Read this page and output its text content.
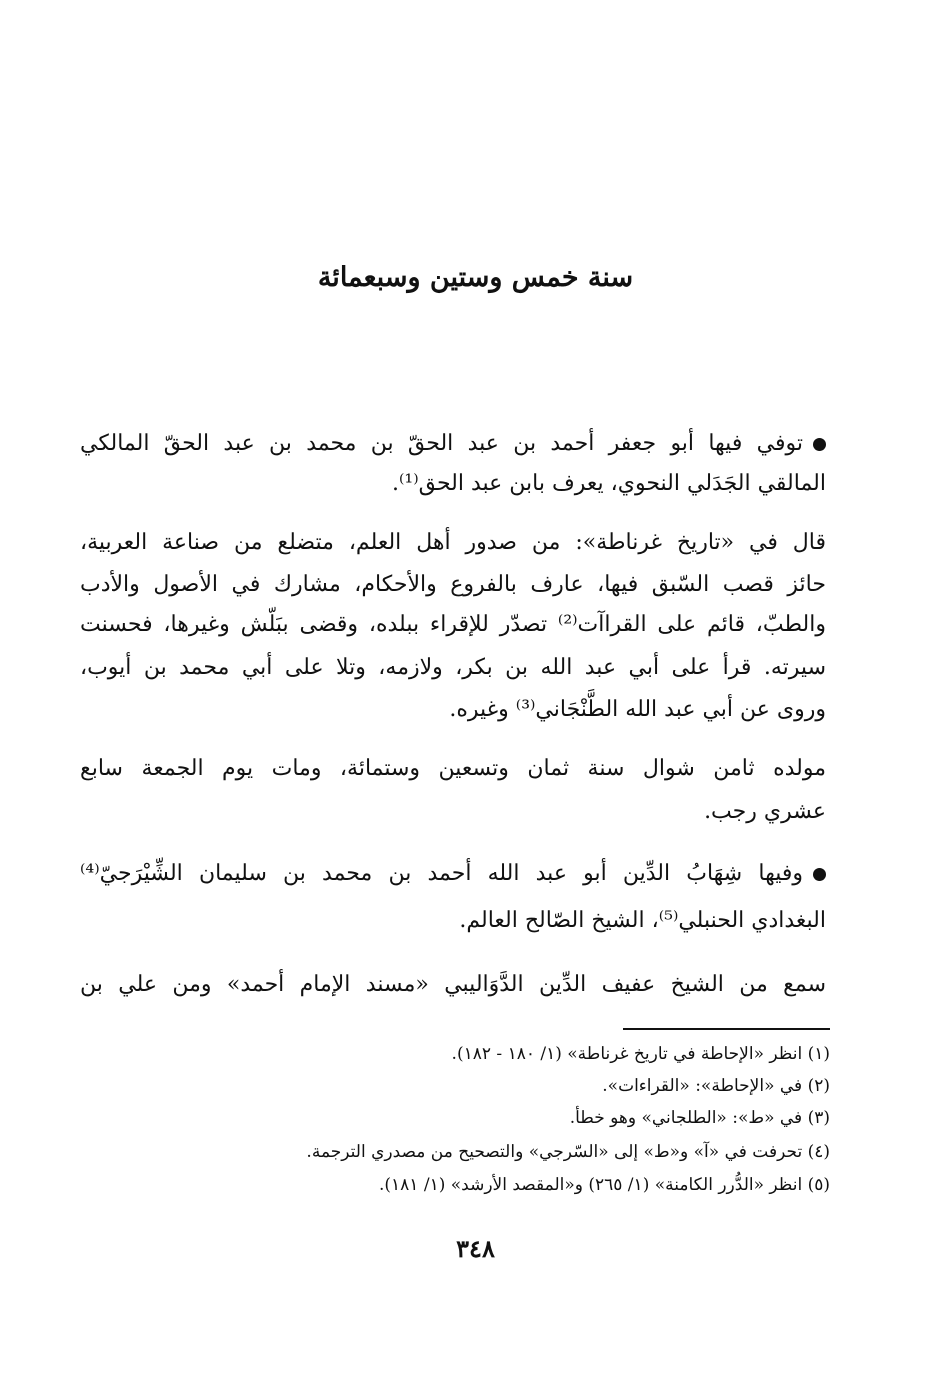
سنة خمس وستين وسبعمائة
توفي فيها أبو جعفر أحمد بن عبد الحقّ بن محمد بن عبد الحقّ المالكي
المالقي الجَدَلي النحوي، يعرف بابن عبد الحق⁽¹⁾.
قال في «تاريخ غرناطة»: من صدور أهل العلم، متضلع من صناعة العربية،
حائز قصب السّبق فيها، عارف بالفروع والأحكام، مشارك في الأصول والأدب
والطبّ، قائم على القراآت⁽²⁾ تصدّر للإقراء ببلده، وقضى ببَلّش وغيرها، فحسنت
سيرته. قرأ على أبي عبد الله بن بكر، ولازمه، وتلا على أبي محمد بن أيوب،
وروى عن أبي عبد الله الطَّنْجَاني⁽³⁾ وغيره.
مولده ثامن شوال سنة ثمان وتسعين وستمائة، ومات يوم الجمعة سابع
عشري رجب.
وفيها شِهَابُ الدِّين أبو عبد الله أحمد بن محمد بن سليمان الشِّيْرَجيّ⁽⁴⁾
البغدادي الحنبلي⁽⁵⁾، الشيخ الصّالح العالم.
سمع من الشيخ عفيف الدِّين الدَّوَاليبي «مسند الإمام أحمد» ومن علي بن
(١) انظر «الإحاطة في تاريخ غرناطة» (١/ ١٨٠ - ١٨٢).
(٢) في «الإحاطة»: «القراءات».
(٣) في «ط»: «الطلجاني» وهو خطأ.
(٤) تحرفت في «آ» و«ط» إلى «السّرجي» والتصحيح من مصدري الترجمة.
(٥) انظر «الدُّرر الكامنة» (١/ ٢٦٥) و«المقصد الأرشد» (١/ ١٨١).
٣٤٨
